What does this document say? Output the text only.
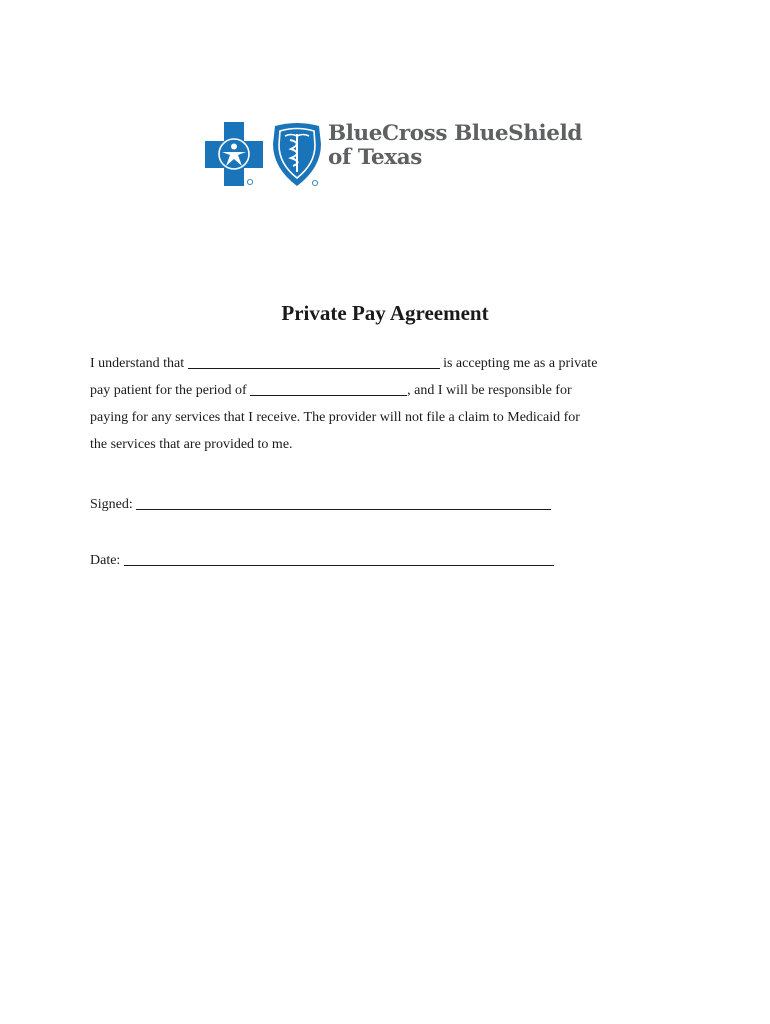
BlueCross BlueShield
of Texas
Private Pay Agreement
I understand that	is accepting me as a private
pay patient for the period of	, and I will be responsible for
paying for any services that I receive. The provider will not file a claim to Medicaid for
the services that are provided to me.
Signed:
Date:
